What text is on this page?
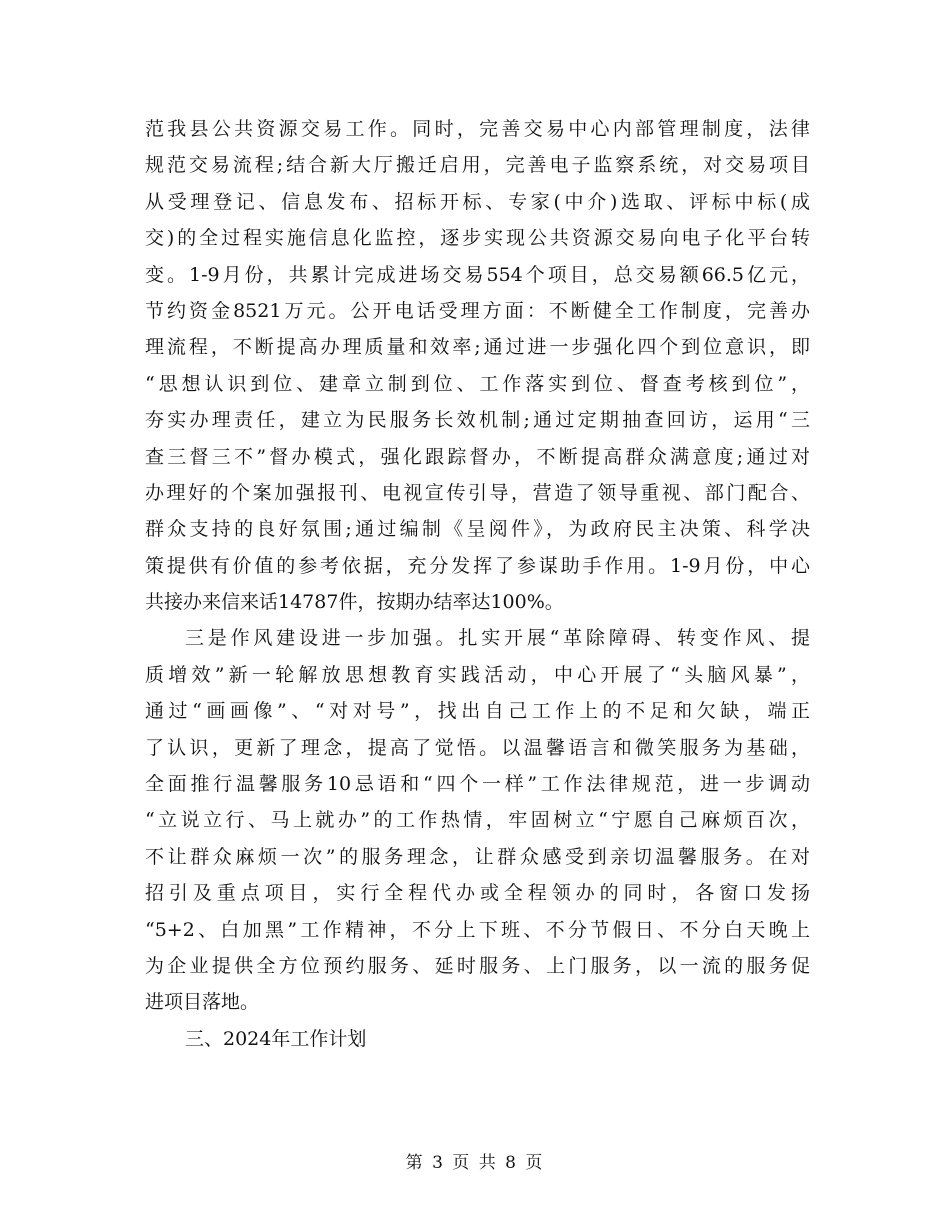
范我县公共资源交易工作。同时，完善交易中心内部管理制度，法律
规范交易流程;结合新大厅搬迁启用，完善电子监察系统，对交易项目
从受理登记、信息发布、招标开标、专家(中介)选取、评标中标(成
交)的全过程实施信息化监控，逐步实现公共资源交易向电子化平台转
变。1-9月份，共累计完成进场交易554个项目，总交易额66.5亿元，
节约资金8521万元。公开电话受理方面：不断健全工作制度，完善办
理流程，不断提高办理质量和效率;通过进一步强化四个到位意识，即
“思想认识到位、建章立制到位、工作落实到位、督查考核到位”，
夯实办理责任，建立为民服务长效机制;通过定期抽查回访，运用“三
查三督三不”督办模式，强化跟踪督办，不断提高群众满意度;通过对
办理好的个案加强报刊、电视宣传引导，营造了领导重视、部门配合、
群众支持的良好氛围;通过编制《呈阅件》，为政府民主决策、科学决
策提供有价值的参考依据，充分发挥了参谋助手作用。1-9月份，中心
共接办来信来话14787件，按期办结率达100%。
三是作风建设进一步加强。扎实开展“革除障碍、转变作风、提
质增效”新一轮解放思想教育实践活动，中心开展了“头脑风暴”，
通过“画画像”、“对对号”，找出自己工作上的不足和欠缺，端正
了认识，更新了理念，提高了觉悟。以温馨语言和微笑服务为基础，
全面推行温馨服务10忌语和“四个一样”工作法律规范，进一步调动
“立说立行、马上就办”的工作热情，牢固树立“宁愿自己麻烦百次，
不让群众麻烦一次”的服务理念，让群众感受到亲切温馨服务。在对
招引及重点项目，实行全程代办或全程领办的同时，各窗口发扬
“5+2、白加黑”工作精神，不分上下班、不分节假日、不分白天晚上
为企业提供全方位预约服务、延时服务、上门服务，以一流的服务促
进项目落地。
三、2024年工作计划
第 3 页 共 8 页
